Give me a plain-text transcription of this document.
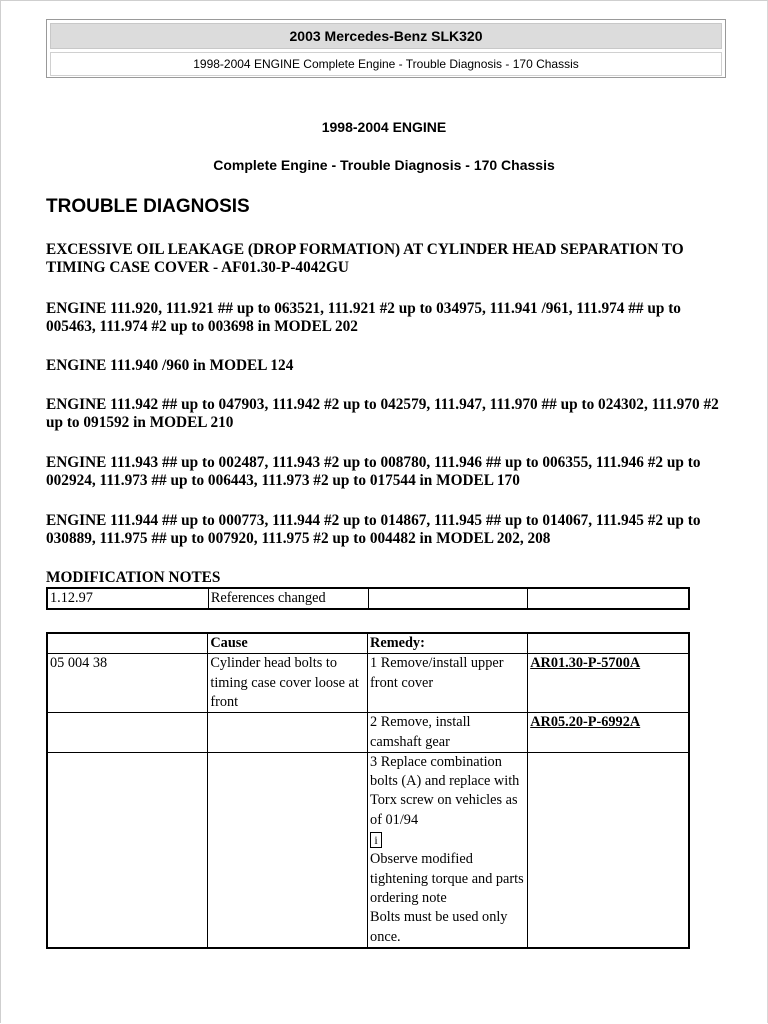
2003 Mercedes-Benz SLK320
1998-2004 ENGINE Complete Engine - Trouble Diagnosis - 170 Chassis
1998-2004 ENGINE
Complete Engine - Trouble Diagnosis - 170 Chassis
TROUBLE DIAGNOSIS
EXCESSIVE OIL LEAKAGE (DROP FORMATION) AT CYLINDER HEAD SEPARATION TO TIMING CASE COVER - AF01.30-P-4042GU
ENGINE 111.920, 111.921 ## up to 063521, 111.921 #2 up to 034975, 111.941 /961, 111.974 ## up to 005463, 111.974 #2 up to 003698 in MODEL 202
ENGINE 111.940 /960 in MODEL 124
ENGINE 111.942 ## up to 047903, 111.942 #2 up to 042579, 111.947, 111.970 ## up to 024302, 111.970 #2 up to 091592 in MODEL 210
ENGINE 111.943 ## up to 002487, 111.943 #2 up to 008780, 111.946 ## up to 006355, 111.946 #2 up to 002924, 111.973 ## up to 006443, 111.973 #2 up to 017544 in MODEL 170
ENGINE 111.944 ## up to 000773, 111.944 #2 up to 014867, 111.945 ## up to 014067, 111.945 #2 up to 030889, 111.975 ## up to 007920, 111.975 #2 up to 004482 in MODEL 202, 208
MODIFICATION NOTES
1.12.97	References changed		
	Cause	Remedy:	
05 004 38	Cylinder head bolts to timing case cover loose at front	1 Remove/install upper front cover	AR01.30-P-5700A
		2 Remove, install camshaft gear	AR05.20-P-6992A

		3 Replace combination bolts (A) and replace with Torx screw on vehicles as of 01/94
i
Observe modified tightening torque and parts ordering note
Bolts must be used only once.	
